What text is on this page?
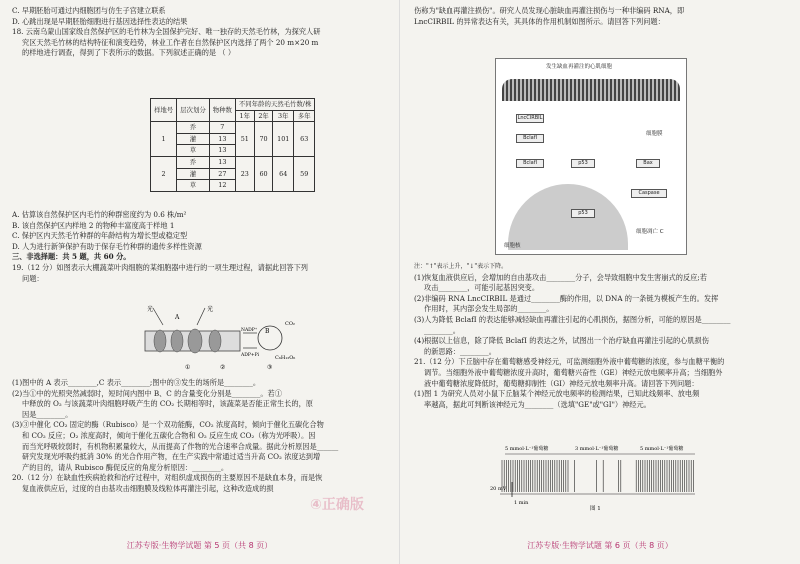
C. 早期胚胎可通过内细胞团与仿生子宫建立联系

D. 心跳出现是早期胚胎细胞进行基因选择性表达的结果

18. 云南乌蒙山国家级自然保护区的毛竹林为全国保护完好、唯一独存的天然毛竹林，为探究人研

究区天然毛竹林的结构特征和演变趋势，林业工作者在自然保护区内选择了两个 20 m×20 m

的样地进行调查，得到了下表所示的数据。下列叙述正确的是 （ ）

样地号	层次划分	物种数	不同年龄的天然毛竹数/株			
			1年	2年	3年	多年
1	乔	7	51	70	101	63
	灌	13				
	草	13				
2	乔	13	23	60	64	59
	灌	27				
	草	12				

A. 估算该自然保护区内毛竹的种群密度约为 0.6 株/m²

B. 该自然保护区内样地 2 的物种丰富度高于样地 1

C. 保护区内天然毛竹种群的年龄结构为增长型或稳定型

D. 人为进行新笋保护有助于保存毛竹种群的遗传多样性资源

三、非选择题：共 5 题，共 60 分。

19.（12 分）如图表示大棚蔬菜叶肉细胞的某细胞器中进行的一项生理过程，请据此回答下列

问题：

光	光
A
B
NADP⁺
ADP+Pi
CO₂
C₆H₁₂O₆
①	②	③

(1)图中的 A 表示________,C 表示________;图中的③发生的场所是________。

(2)当①中的光照突然减弱时，短时间内图中 B、C 的含量变化分别是________。若①

中释放的 O₂ 与该蔬菜叶肉细胞呼吸产生的 CO₂ 长期相等时，该蔬菜是否能正常生长的，原

因是________。

(3)③中催化 CO₂ 固定的酶（Rubisco）是一个双功能酶，CO₂ 浓度高时，倾向于催化五碳化合物

和 CO₂ 反应；O₂ 浓度高时，倾向于催化五碳化合物和 O₂ 反应生成 CO₂（称为光呼吸）。因

而当光呼吸较弱时，有机物积累量较大，从而提高了作物的光合速率合成量。据此分析原因是______

研究发现光呼吸约抵消 30% 的光合作用产物，在生产实践中常通过适当升高 CO₂ 浓度达到增

产的目的，请从 Rubisco 酶促反应的角度分析原因：________。

20.（12 分）在缺血性疾病抢救和治疗过程中，对组织虚成损伤的主要原因不是缺血本身，而是恢

复血液供应后，过度的自由基攻击细胞膜及线粒体再灌注引起，这种改造成的损

④正确版
江苏专版·生物学试题 第 5 页（共 8 页）

伤称为"缺血再灌注损伤"。研究人员发现心脏缺血再灌注损伤与一种非编码 RNA，即

LncCIRBIL 的异常表达有关，其具体的作用机制如图所示。请回答下列问题：

发生缺血再灌注的心肌细胞
LncCIRBIL
BclafI
BclafI	p53
p53
Bax
Caspase
细胞膜
细胞核
细胞凋亡 C

注："↑"表示上升，"↓"表示下降。

(1)恢复血液供应后，会增加的自由基攻击________分子，会导致细胞中发生害崩式的反应;若

攻击________，可能引起基因突变。

(2)非编码 RNA LncCIRBIL 是通过________酶的作用，以 DNA 的一条链为模板产生的。发挥

作用时，其内部会发生局部的________。

(3)人为降低 BclafI 的表达能够减轻缺血再灌注引起的心肌损伤，据图分析，可能的原因是________

________。

(4)根据以上信息，除了降低 BclafI 的表达之外，试图出一个治疗缺血再灌注引起的心肌损伤

的新思路：________。

21.（12 分）下丘脑中存在葡萄糖感受神经元，可监测细胞外液中葡萄糖的浓度，参与血糖平衡的

调节。当细胞外液中葡萄糖浓度升高时，葡萄糖兴奋性（GE）神经元放电频率升高；当细胞外

液中葡萄糖浓度降低时，葡萄糖抑制性（GI）神经元放电频率升高。请回答下列问题：

(1)图 1 为研究人员对小鼠下丘脑某个神经元放电频率的检测结果，已知此线频率、放电频

率越高，据此可判断该神经元为________（选填"GE"或"GI"）神经元。

5 mmol·L⁻¹葡萄糖	3 mmol·L⁻¹葡萄糖	5 mmol·L⁻¹葡萄糖
20 mV
1 min
图 1
江苏专版·生物学试题 第 6 页（共 8 页）
